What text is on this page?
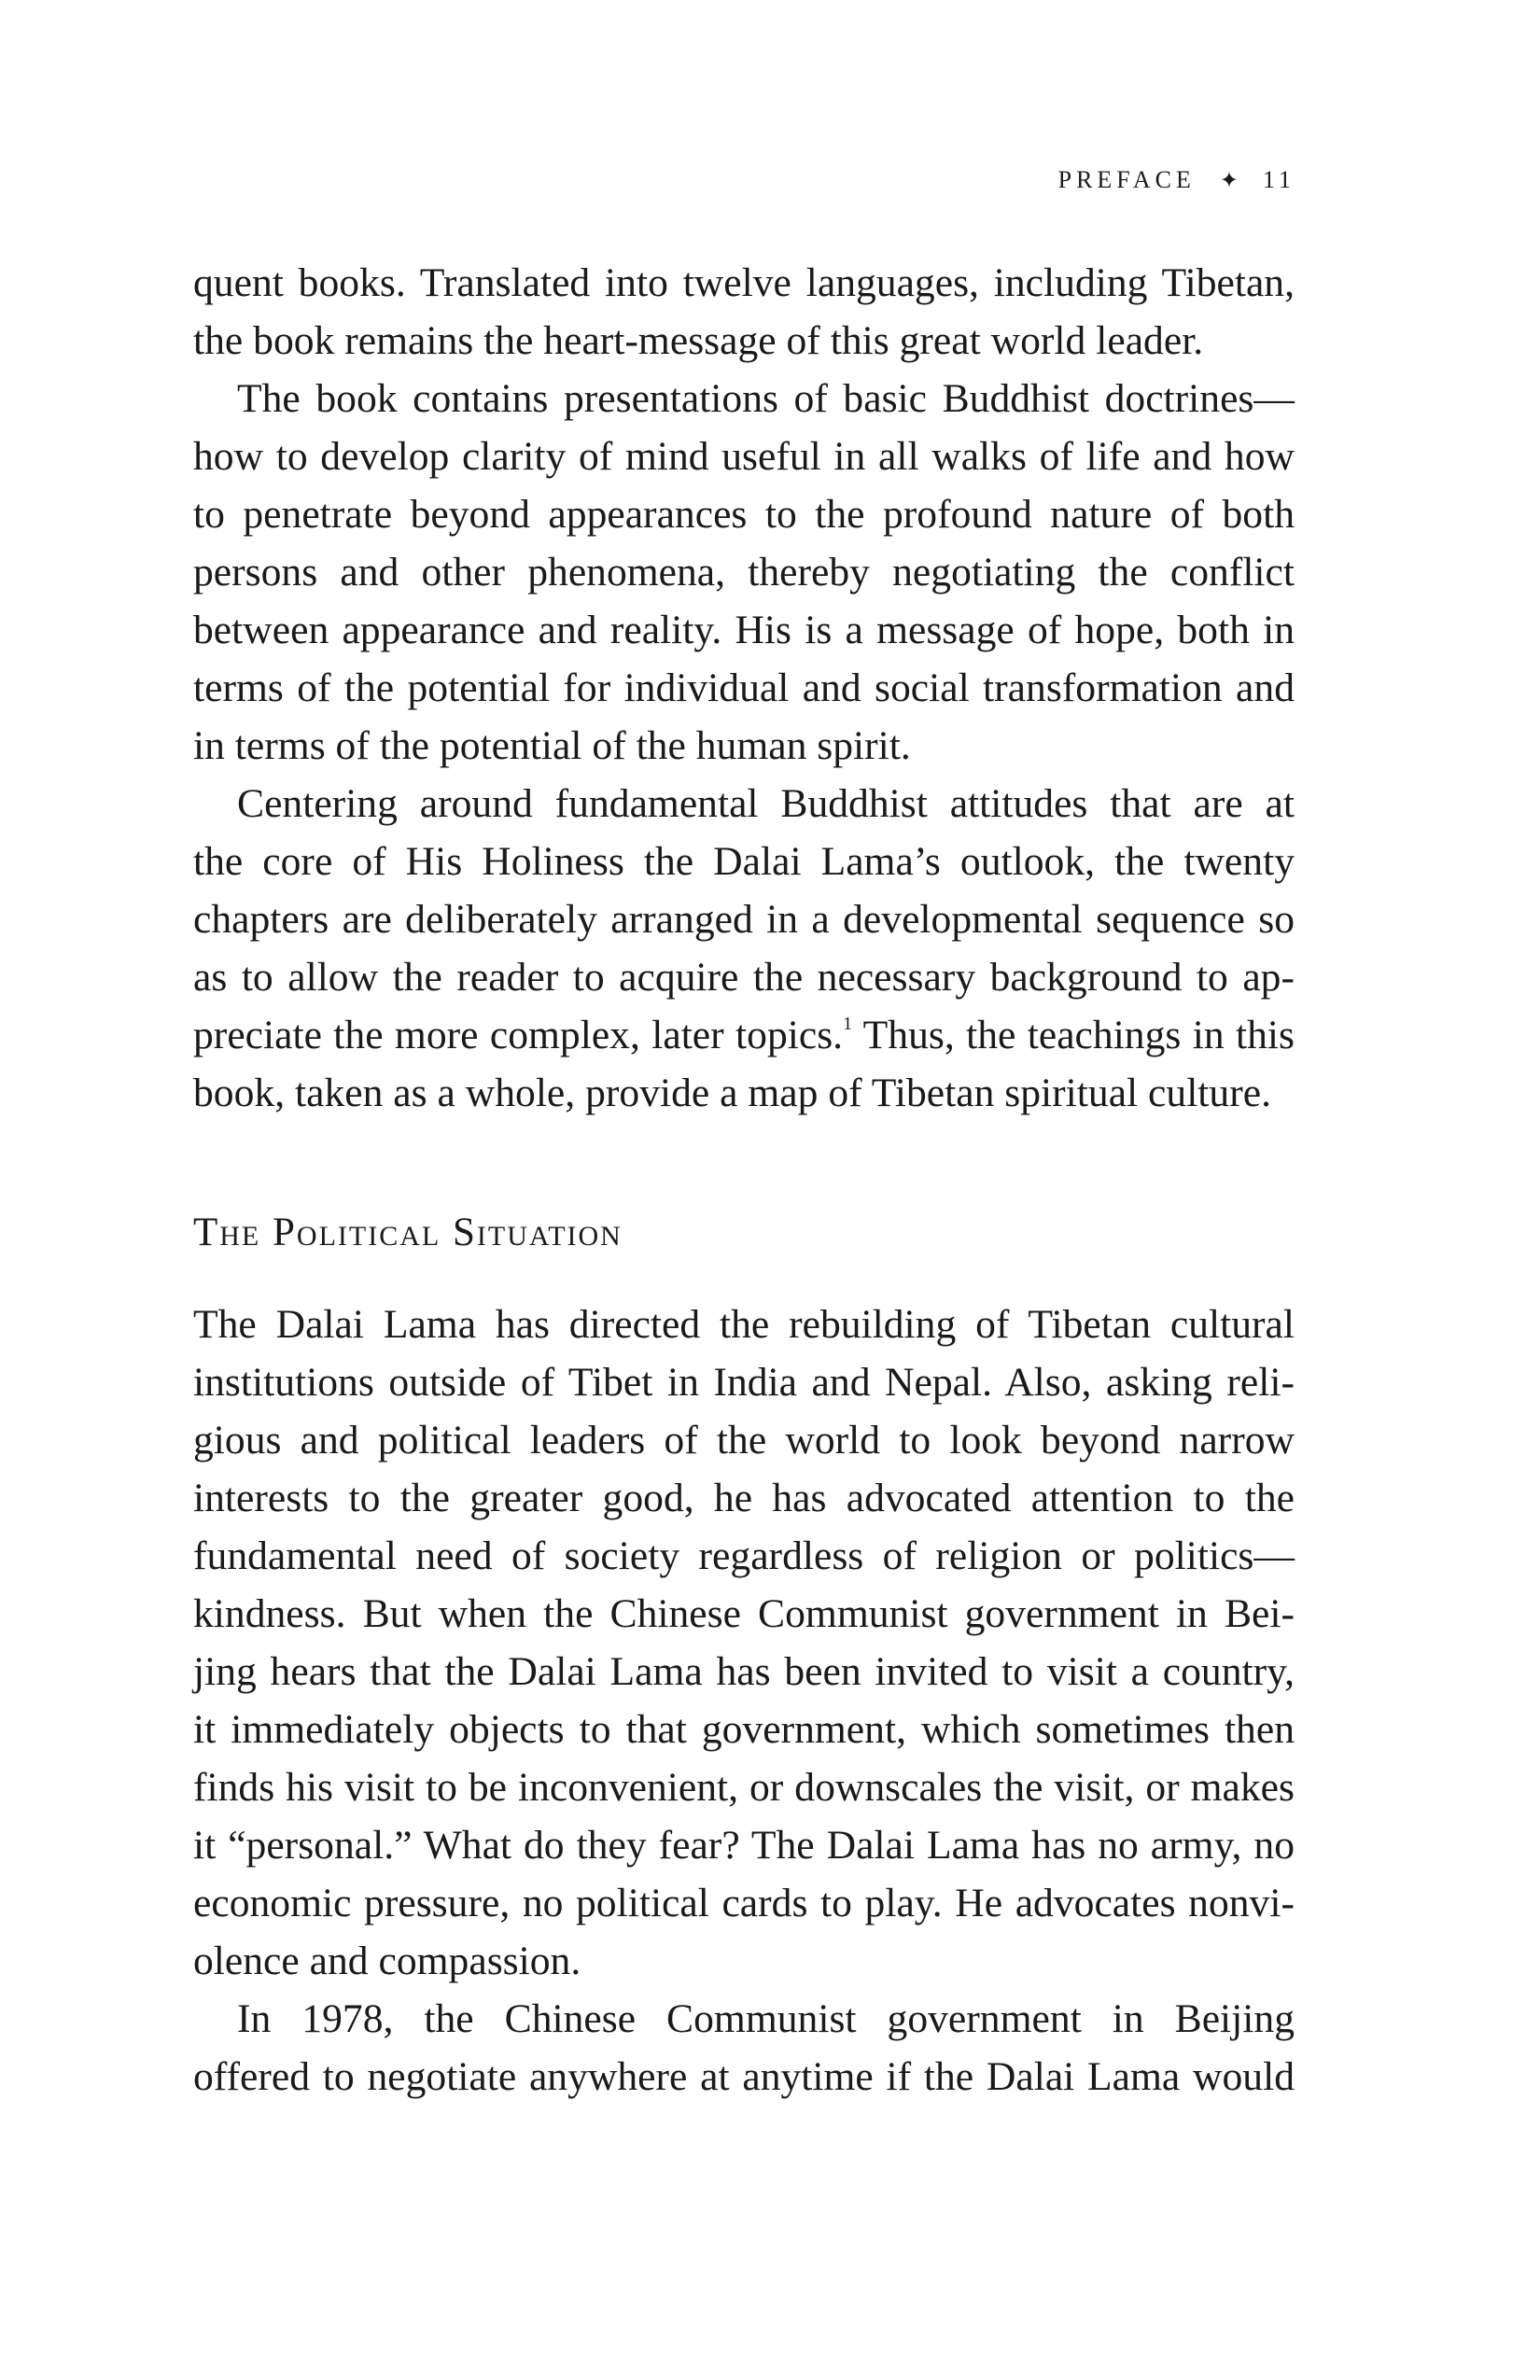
PREFACE ✦ 11

quent books. Translated into twelve languages, including Tibetan,

the book remains the heart-message of this great world leader.

The book contains presentations of basic Buddhist doctrines—

how to develop clarity of mind useful in all walks of life and how

to penetrate beyond appearances to the profound nature of both

persons and other phenomena, thereby negotiating the conflict

between appearance and reality. His is a message of hope, both in

terms of the potential for individual and social transformation and

in terms of the potential of the human spirit.

Centering around fundamental Buddhist attitudes that are at

the core of His Holiness the Dalai Lama’s outlook, the twenty

chapters are deliberately arranged in a developmental sequence so

as to allow the reader to acquire the necessary background to ap-

preciate the more complex, later topics.$^1$ Thus, the teachings in this

book, taken as a whole, provide a map of Tibetan spiritual culture.

The Political Situation

The Dalai Lama has directed the rebuilding of Tibetan cultural

institutions outside of Tibet in India and Nepal. Also, asking reli-

gious and political leaders of the world to look beyond narrow

interests to the greater good, he has advocated attention to the

fundamental need of society regardless of religion or politics—

kindness. But when the Chinese Communist government in Bei-

jing hears that the Dalai Lama has been invited to visit a country,

it immediately objects to that government, which sometimes then

finds his visit to be inconvenient, or downscales the visit, or makes

it “personal.” What do they fear? The Dalai Lama has no army, no

economic pressure, no political cards to play. He advocates nonvi-

olence and compassion.

In 1978, the Chinese Communist government in Beijing

offered to negotiate anywhere at anytime if the Dalai Lama would
